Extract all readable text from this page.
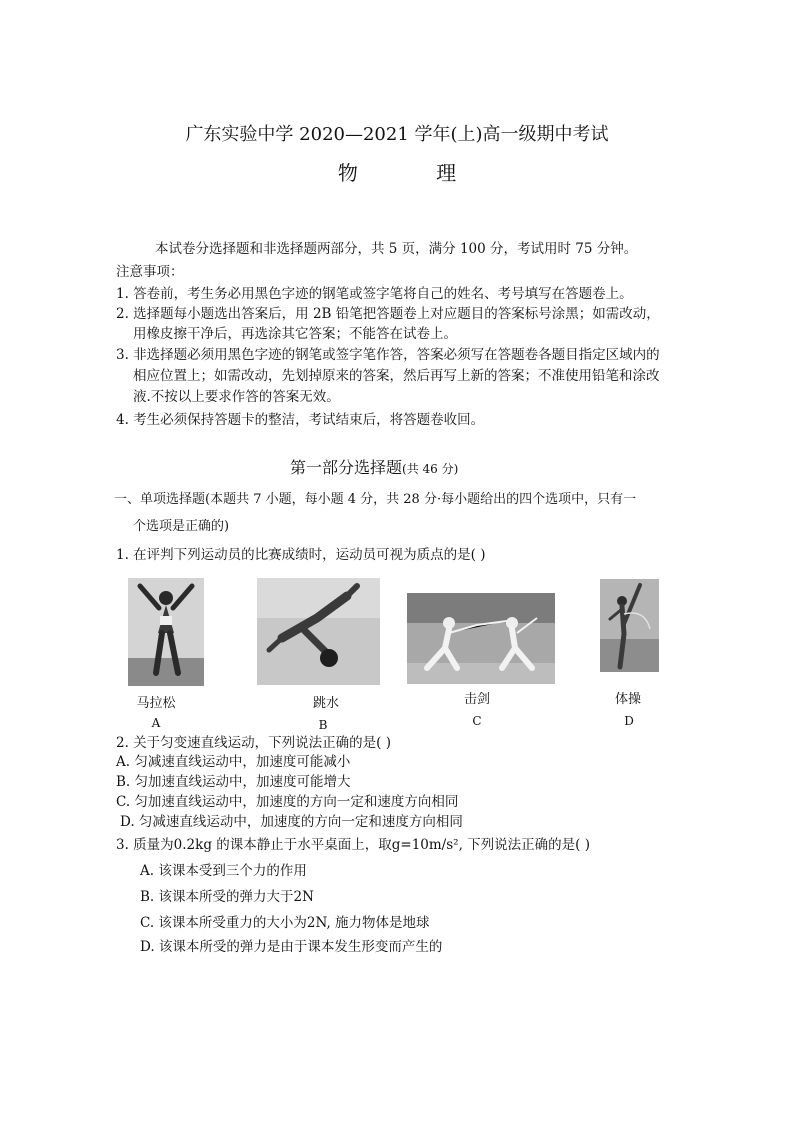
广东实验中学 2020—2021 学年(上)高一级期中考试
物 理
本试卷分选择题和非选择题两部分，共 5 页，满分 100 分，考试用时 75 分钟。
注意事项：
1. 答卷前，考生务必用黑色字迹的钢笔或签字笔将自己的姓名、考号填写在答题卷上。
2. 选择题每小题选出答案后，用 2B 铅笔把答题卷上对应题目的答案标号涂黑；如需改动，
用橡皮擦干净后，再选涂其它答案；不能答在试卷上。
3. 非选择题必须用黑色字迹的钢笔或签字笔作答，答案必须写在答题卷各题目指定区域内的
相应位置上；如需改动，先划掉原来的答案，然后再写上新的答案；不准使用铅笔和涂改
液.不按以上要求作答的答案无效。
4. 考生必须保持答题卡的整洁，考试结束后，将答题卷收回。
第一部分选择题(共 46 分)
一、单项选择题(本题共 7 小题，每小题 4 分，共 28 分·每小题给出的四个选项中，只有一
个选项是正确的)
1. 在评判下列运动员的比赛成绩时，运动员可视为质点的是( )
马拉松
A
跳水
B
击剑
C
体操
D
2. 关于匀变速直线运动，下列说法正确的是( )
A. 匀减速直线运动中，加速度可能减小
B. 匀加速直线运动中，加速度可能增大
C. 匀加速直线运动中，加速度的方向一定和速度方向相同
D. 匀减速直线运动中，加速度的方向一定和速度方向相同
3. 质量为0.2kg 的课本静止于水平桌面上，取g=10m/s², 下列说法正确的是( )
A. 该课本受到三个力的作用
B. 该课本所受的弹力大于2N
C. 该课本所受重力的大小为2N, 施力物体是地球
D. 该课本所受的弹力是由于课本发生形变而产生的
